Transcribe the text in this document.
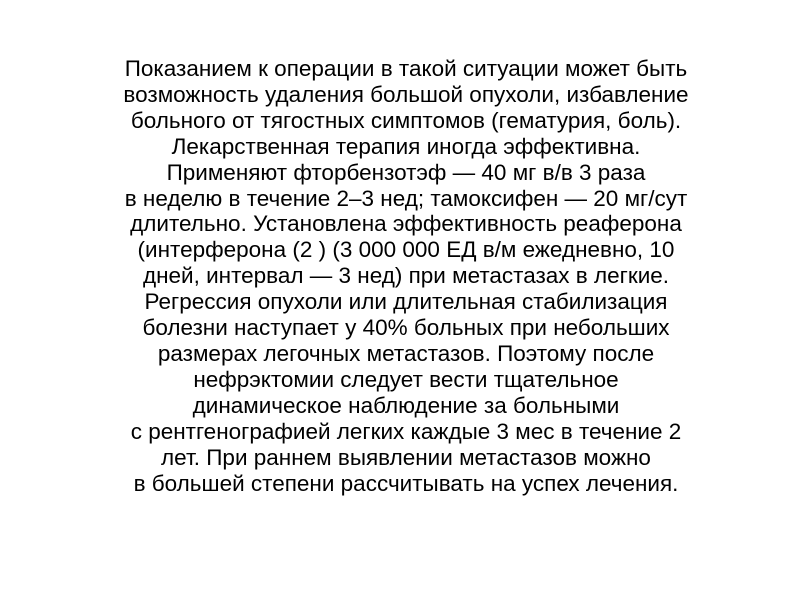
Показанием к операции в такой ситуации может быть
возможность удаления большой опухоли, избавление
больного от тягостных симптомов (гематурия, боль).
Лекарственная терапия иногда эффективна.
Применяют фторбензотэф — 40 мг в/в 3 раза
в неделю в течение 2–3 нед; тамоксифен — 20 мг/сут
длительно. Установлена эффективность реаферона
(интерферона (2 ) (3 000 000 ЕД в/м ежедневно, 10
дней, интервал — 3 нед) при метастазах в легкие.
Регрессия опухоли или длительная стабилизация
болезни наступает у 40% больных при небольших
размерах легочных метастазов. Поэтому после
нефрэктомии следует вести тщательное
динамическое наблюдение за больными
с рентгенографией легких каждые 3 мес в течение 2
лет. При раннем выявлении метастазов можно
в большей степени рассчитывать на успех лечения.
